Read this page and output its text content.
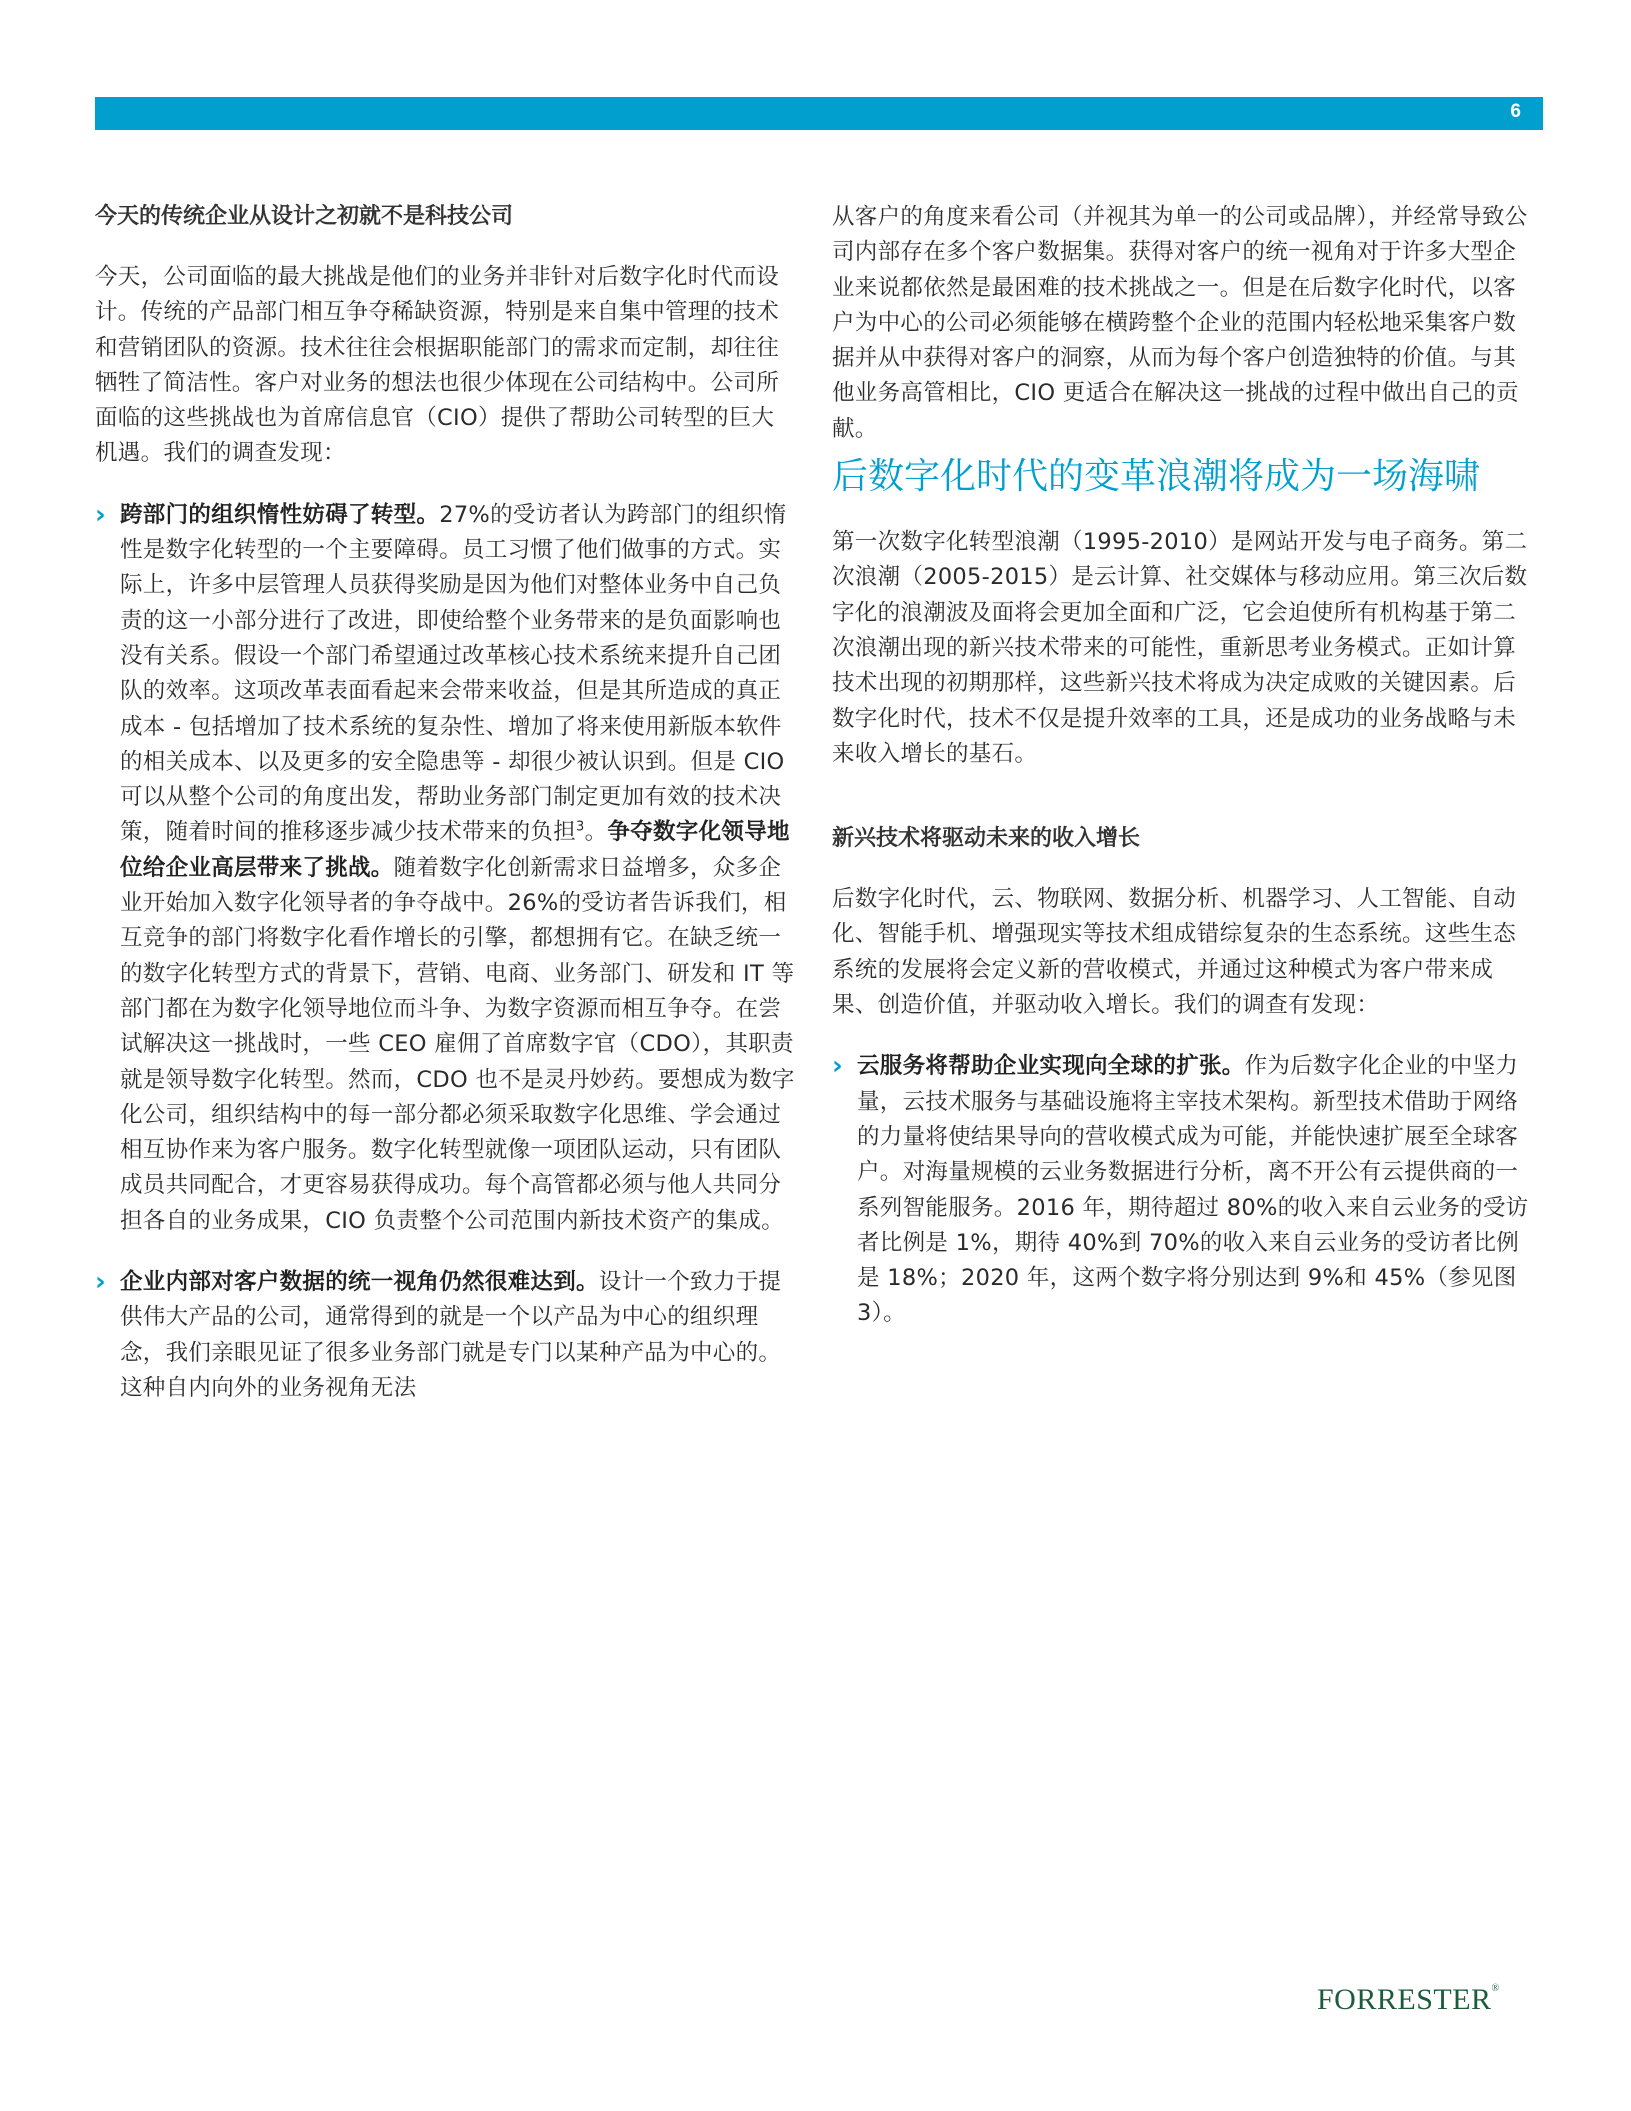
6
今天的传统企业从设计之初就不是科技公司

今天，公司面临的最大挑战是他们的业务并非针对后数字化时代而设计。传统的产品部门相互争夺稀缺资源，特别是来自集中管理的技术和营销团队的资源。技术往往会根据职能部门的需求而定制，却往往牺牲了简洁性。客户对业务的想法也很少体现在公司结构中。公司所面临的这些挑战也为首席信息官（CIO）提供了帮助公司转型的巨大机遇。我们的调查发现：

› 跨部门的组织惰性妨碍了转型。27%的受访者认为跨部门的组织惰性是数字化转型的一个主要障碍。员工习惯了他们做事的方式。实际上，许多中层管理人员获得奖励是因为他们对整体业务中自己负责的这一小部分进行了改进，即使给整个业务带来的是负面影响也没有关系。假设一个部门希望通过改革核心技术系统来提升自己团队的效率。这项改革表面看起来会带来收益，但是其所造成的真正成本 - 包括增加了技术系统的复杂性、增加了将来使用新版本软件的相关成本、以及更多的安全隐患等 - 却很少被认识到。但是 CIO 可以从整个公司的角度出发，帮助业务部门制定更加有效的技术决策，随着时间的推移逐步减少技术带来的负担$^3$。争夺数字化领导地位给企业高层带来了挑战。随着数字化创新需求日益增多，众多企业开始加入数字化领导者的争夺战中。26%的受访者告诉我们，相互竞争的部门将数字化看作增长的引擎，都想拥有它。在缺乏统一的数字化转型方式的背景下，营销、电商、业务部门、研发和 IT 等部门都在为数字化领导地位而斗争、为数字资源而相互争夺。在尝试解决这一挑战时，一些 CEO 雇佣了首席数字官（CDO），其职责就是领导数字化转型。然而，CDO 也不是灵丹妙药。要想成为数字化公司，组织结构中的每一部分都必须采取数字化思维、学会通过相互协作来为客户服务。数字化转型就像一项团队运动，只有团队成员共同配合，才更容易获得成功。每个高管都必须与他人共同分担各自的业务成果，CIO 负责整个公司范围内新技术资产的集成。

› 企业内部对客户数据的统一视角仍然很难达到。设计一个致力于提供伟大产品的公司，通常得到的就是一个以产品为中心的组织理念，我们亲眼见证了很多业务部门就是专门以某种产品为中心的。这种自内向外的业务视角无法

从客户的角度来看公司（并视其为单一的公司或品牌），并经常导致公司内部存在多个客户数据集。获得对客户的统一视角对于许多大型企业来说都依然是最困难的技术挑战之一。但是在后数字化时代，以客户为中心的公司必须能够在横跨整个企业的范围内轻松地采集客户数据并从中获得对客户的洞察，从而为每个客户创造独特的价值。与其他业务高管相比，CIO 更适合在解决这一挑战的过程中做出自己的贡献。

后数字化时代的变革浪潮将成为一场海啸

第一次数字化转型浪潮（1995-2010）是网站开发与电子商务。第二次浪潮（2005-2015）是云计算、社交媒体与移动应用。第三次后数字化的浪潮波及面将会更加全面和广泛，它会迫使所有机构基于第二次浪潮出现的新兴技术带来的可能性，重新思考业务模式。正如计算技术出现的初期那样，这些新兴技术将成为决定成败的关键因素。后数字化时代，技术不仅是提升效率的工具，还是成功的业务战略与未来收入增长的基石。

新兴技术将驱动未来的收入增长

后数字化时代，云、物联网、数据分析、机器学习、人工智能、自动化、智能手机、增强现实等技术组成错综复杂的生态系统。这些生态系统的发展将会定义新的营收模式，并通过这种模式为客户带来成果、创造价值，并驱动收入增长。我们的调查有发现：

› 云服务将帮助企业实现向全球的扩张。作为后数字化企业的中坚力量，云技术服务与基础设施将主宰技术架构。新型技术借助于网络的力量将使结果导向的营收模式成为可能，并能快速扩展至全球客户。对海量规模的云业务数据进行分析，离不开公有云提供商的一系列智能服务。2016 年，期待超过 80%的收入来自云业务的受访者比例是 1%，期待 40%到 70%的收入来自云业务的受访者比例是 18%；2020 年，这两个数字将分别达到 9%和 45%（参见图 3）。

FORRESTER®
